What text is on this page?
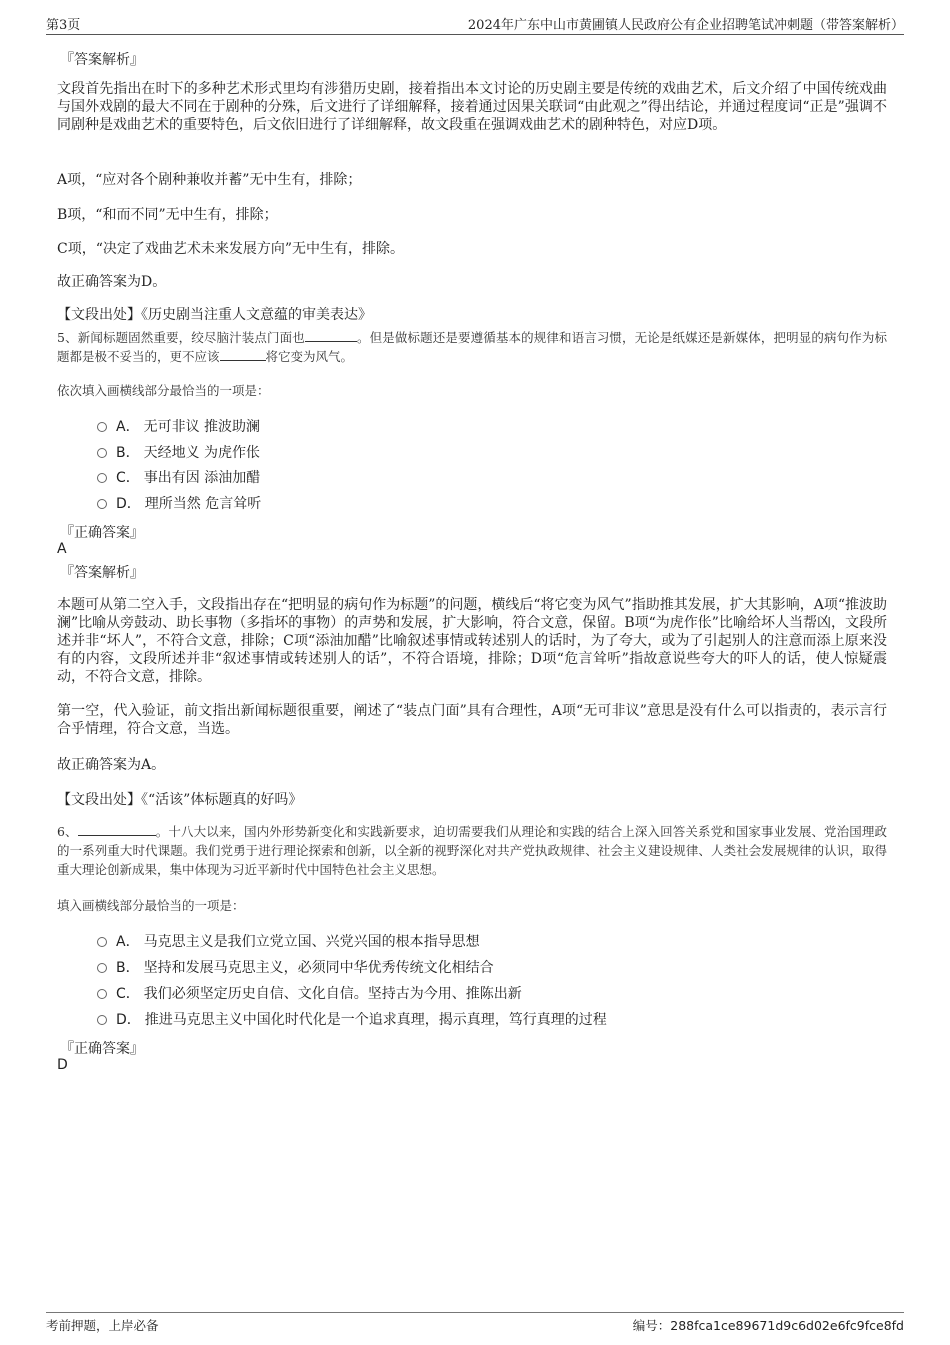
第3页	2024年广东中山市黄圃镇人民政府公有企业招聘笔试冲刺题（带答案解析）
『答案解析』
文段首先指出在时下的多种艺术形式里均有涉猎历史剧，接着指出本文讨论的历史剧主要是传统的戏曲艺术，后文介绍了中国传统戏曲与国外戏剧的最大不同在于剧种的分殊，后文进行了详细解释，接着通过因果关联词“由此观之”得出结论，并通过程度词“正是”强调不同剧种是戏曲艺术的重要特色，后文依旧进行了详细解释，故文段重在强调戏曲艺术的剧种特色，对应D项。
A项，“应对各个剧种兼收并蓄”无中生有，排除；
B项，“和而不同”无中生有，排除；
C项，“决定了戏曲艺术未来发展方向”无中生有，排除。
故正确答案为D。
【文段出处】《历史剧当注重人文意蕴的审美表达》
5、新闻标题固然重要，绞尽脑汁装点门面也	。但是做标题还是要遵循基本的规律和语言习惯，无论是纸媒还是新媒体，把明显的病句作为标题都是极不妥当的，更不应该	将它变为风气。
依次填入画横线部分最恰当的一项是：
A． 无可非议 推波助澜
B． 天经地义 为虎作伥
C． 事出有因 添油加醋
D． 理所当然 危言耸听
『正确答案』
A
『答案解析』
本题可从第二空入手，文段指出存在“把明显的病句作为标题”的问题，横线后“将它变为风气”指助推其发展，扩大其影响，A项“推波助澜”比喻从旁鼓动、助长事物（多指坏的事物）的声势和发展，扩大影响，符合文意，保留。B项“为虎作伥”比喻给坏人当帮凶，文段所述并非“坏人”，不符合文意，排除；C项“添油加醋”比喻叙述事情或转述别人的话时，为了夸大，或为了引起别人的注意而添上原来没有的内容，文段所述并非“叙述事情或转述别人的话”，不符合语境，排除；D项“危言耸听”指故意说些夸大的吓人的话，使人惊疑震动，不符合文意，排除。
第一空，代入验证，前文指出新闻标题很重要，阐述了“装点门面”具有合理性，A项“无可非议”意思是没有什么可以指责的，表示言行合乎情理，符合文意，当选。
故正确答案为A。
【文段出处】《“活该”体标题真的好吗》
6、	。十八大以来，国内外形势新变化和实践新要求，迫切需要我们从理论和实践的结合上深入回答关系党和国家事业发展、党治国理政的一系列重大时代课题。我们党勇于进行理论探索和创新，以全新的视野深化对共产党执政规律、社会主义建设规律、人类社会发展规律的认识，取得重大理论创新成果，集中体现为习近平新时代中国特色社会主义思想。
填入画横线部分最恰当的一项是：
A． 马克思主义是我们立党立国、兴党兴国的根本指导思想
B． 坚持和发展马克思主义，必须同中华优秀传统文化相结合
C． 我们必须坚定历史自信、文化自信。坚持古为今用、推陈出新
D． 推进马克思主义中国化时代化是一个追求真理，揭示真理，笃行真理的过程
『正确答案』
D
考前押题，上岸必备	编号：288fca1ce89671d9c6d02e6fc9fce8fd
